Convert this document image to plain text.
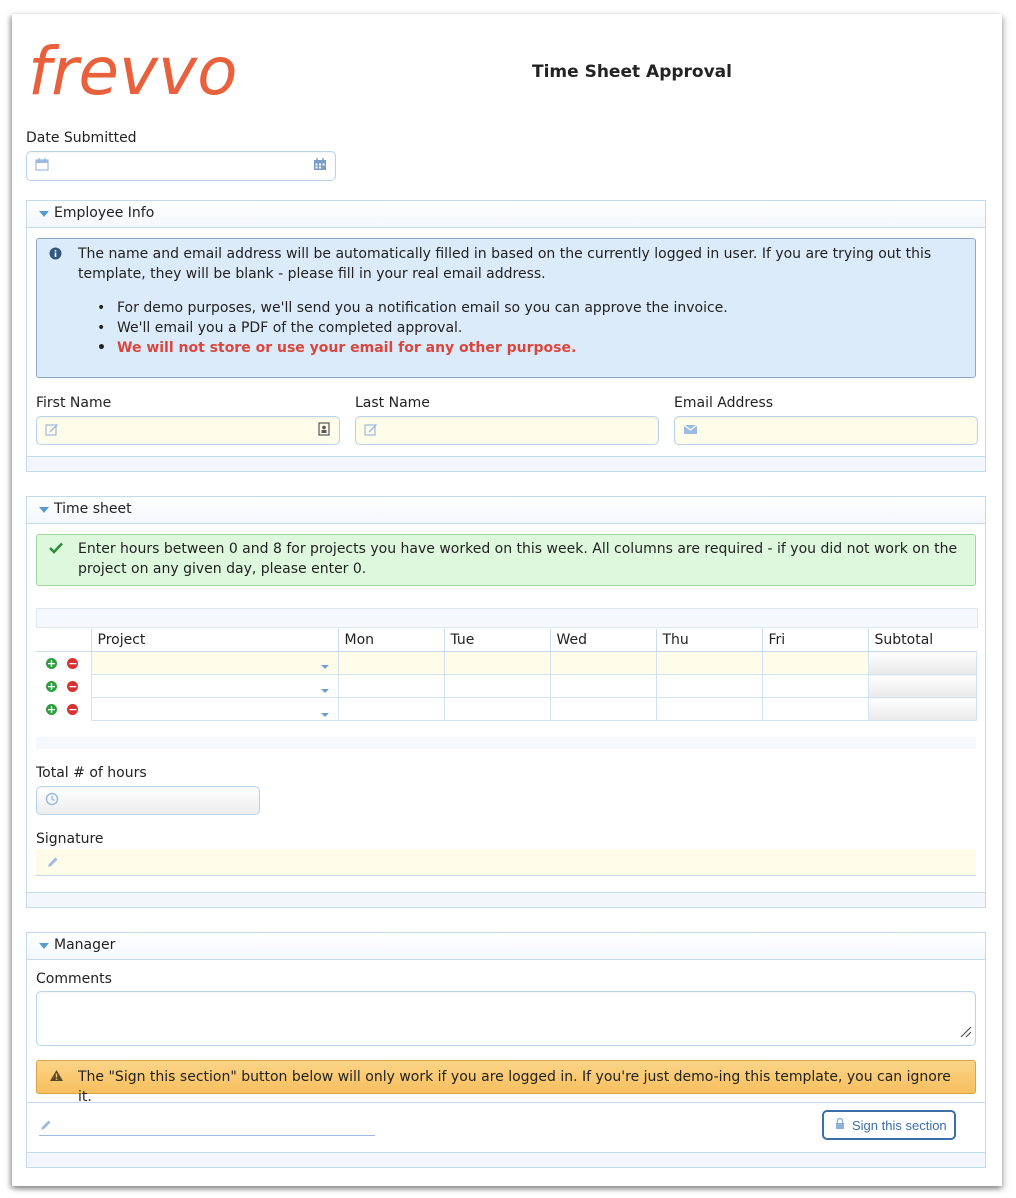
frevvo	Time Sheet Approval
Date Submitted
Employee Info
The name and email address will be automatically filled in based on the currently logged in user. If you are trying out this template, they will be blank - please fill in your real email address.
• For demo purposes, we'll send you a notification email so you can approve the invoice.
• We'll email you a PDF of the completed approval.
• We will not store or use your email for any other purpose.
First Name	Last Name	Email Address
Time sheet
Enter hours between 0 and 8 for projects you have worked on this week. All columns are required - if you did not work on the project on any given day, please enter 0.
	Project	Mon	Tue	Wed	Thu	Fri	Subtotal
+ −							
+ −							
+ −							
Total # of hours
Signature
Manager
Comments
The "Sign this section" button below will only work if you are logged in. If you're just demo-ing this template, you can ignore it.
Sign this section
